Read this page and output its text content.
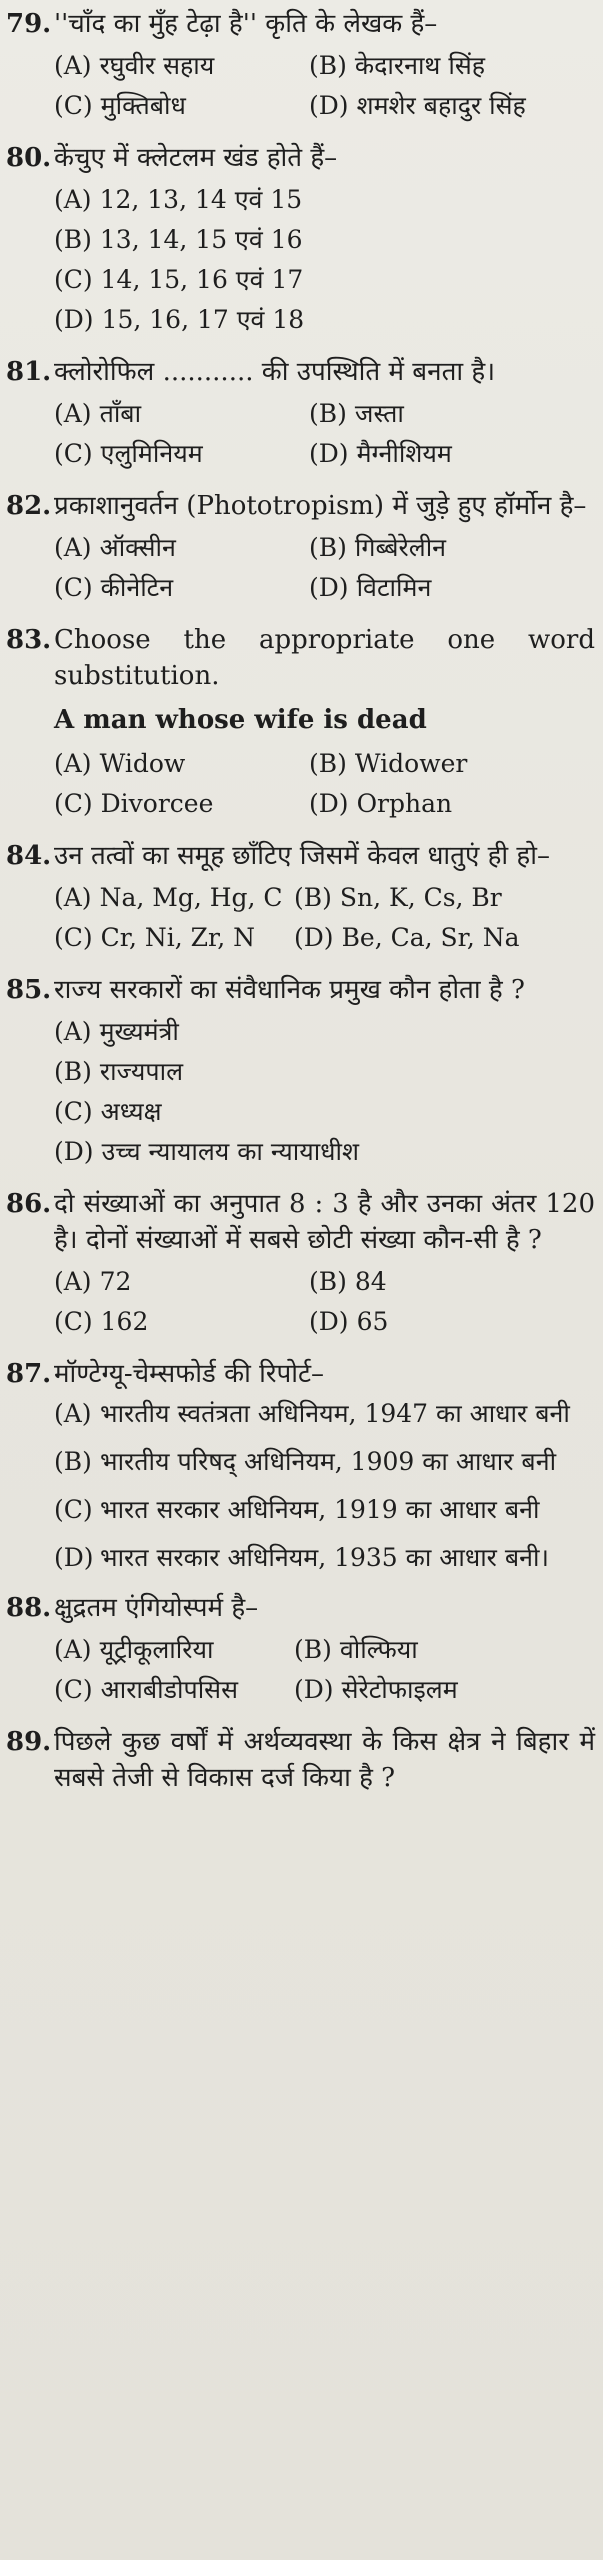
79. ''चाँद का मुँह टेढ़ा है'' कृति के लेखक हैं–
(A) रघुवीर सहाय	(B) केदारनाथ सिंह
(C) मुक्तिबोध	(D) शमशेर बहादुर सिंह
80. केंचुए में क्लेटलम खंड होते हैं–
(A) 12, 13, 14 एवं 15
(B) 13, 14, 15 एवं 16
(C) 14, 15, 16 एवं 17
(D) 15, 16, 17 एवं 18
81. क्लोरोफिल ........... की उपस्थिति में बनता है।
(A) ताँबा	(B) जस्ता
(C) एलुमिनियम	(D) मैग्नीशियम
82. प्रकाशानुवर्तन (Phototropism) में जुड़े हुए हॉर्मोन है–
(A) ऑक्सीन	(B) गिब्बेरेलीन
(C) कीनेटिन	(D) विटामिन
83. Choose the appropriate one word substitution.
A man whose wife is dead
(A) Widow	(B) Widower
(C) Divorcee	(D) Orphan
84. उन तत्वों का समूह छाँटिए जिसमें केवल धातुएं ही हो–
(A) Na, Mg, Hg, C (B) Sn, K, Cs, Br
(C) Cr, Ni, Zr, N	(D) Be, Ca, Sr, Na
85. राज्य सरकारों का संवैधानिक प्रमुख कौन होता है ?
(A) मुख्यमंत्री
(B) राज्यपाल
(C) अध्यक्ष
(D) उच्च न्यायालय का न्यायाधीश
86. दो संख्याओं का अनुपात 8 : 3 है और उनका अंतर 120 है। दोनों संख्याओं में सबसे छोटी संख्या कौन-सी है ?
(A) 72	(B) 84
(C) 162	(D) 65
87. मॉण्टेग्यू-चेम्सफोर्ड की रिपोर्ट–
(A) भारतीय स्वतंत्रता अधिनियम, 1947 का आधार बनी
(B) भारतीय परिषद् अधिनियम, 1909 का आधार बनी
(C) भारत सरकार अधिनियम, 1919 का आधार बनी
(D) भारत सरकार अधिनियम, 1935 का आधार बनी।
88. क्षुद्रतम एंगियोस्पर्म है–
(A) यूट्रीकूलारिया	(B) वोल्फिया
(C) आराबीडोपसिस	(D) सेरेटोफाइलम
89. पिछले कुछ वर्षों में अर्थव्यवस्था के किस क्षेत्र ने बिहार में सबसे तेजी से विकास दर्ज किया है ?
